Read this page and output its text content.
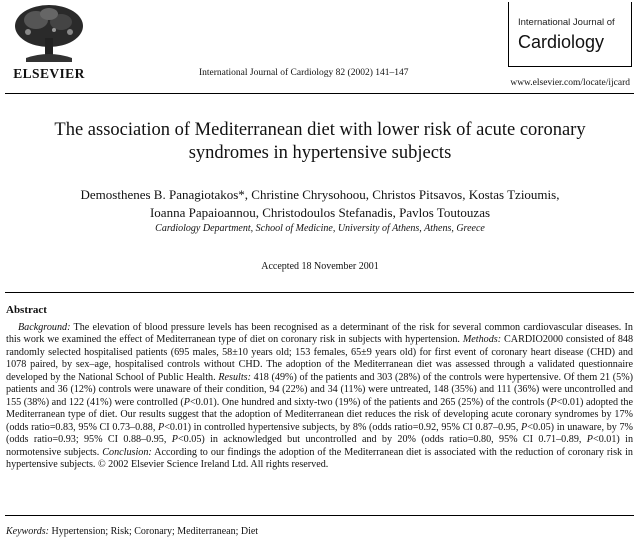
ELSEVIER	International Journal of Cardiology 82 (2002) 141–147
International Journal of
Cardiology
www.elsevier.com/locate/ijcard
The association of Mediterranean diet with lower risk of acute coronary
syndromes in hypertensive subjects
Demosthenes B. Panagiotakos*, Christine Chrysohoou, Christos Pitsavos, Kostas Tzioumis,
Ioanna Papaioannou, Christodoulos Stefanadis, Pavlos Toutouzas
Cardiology Department, School of Medicine, University of Athens, Athens, Greece
Accepted 18 November 2001
Abstract

Background: The elevation of blood pressure levels has been recognised as a determinant of the risk for several common cardiovascular diseases. In this work we examined the effect of Mediterranean type of diet on coronary risk in subjects with hypertension. Methods: CARDIO2000 consisted of 848 randomly selected hospitalised patients (695 males, 58±10 years old; 153 females, 65±9 years old) for first event of coronary heart disease (CHD) and 1078 paired, by sex–age, hospitalised controls without CHD. The adoption of the Mediterranean diet was assessed through a validated questionnaire developed by the National School of Public Health. Results: 418 (49%) of the patients and 303 (28%) of the controls were hypertensive. Of them 21 (5%) patients and 36 (12%) controls were unaware of their condition, 94 (22%) and 34 (11%) were untreated, 148 (35%) and 111 (36%) were uncontrolled and 155 (38%) and 122 (41%) were controlled (P<0.01). One hundred and sixty-two (19%) of the patients and 265 (25%) of the controls (P<0.01) adopted the Mediterranean type of diet. Our results suggest that the adoption of Mediterranean diet reduces the risk of developing acute coronary syndromes by 17% (odds ratio=0.83, 95% CI 0.73–0.88, P<0.01) in controlled hypertensive subjects, by 8% (odds ratio=0.92, 95% CI 0.87–0.95, P<0.05) in unaware, by 7% (odds ratio=0.93; 95% CI 0.88–0.95, P<0.05) in acknowledged but uncontrolled and by 20% (odds ratio=0.80, 95% CI 0.71–0.89, P<0.01) in normotensive subjects. Conclusion: According to our findings the adoption of the Mediterranean diet is associated with the reduction of coronary risk in hypertensive subjects. © 2002 Elsevier Science Ireland Ltd. All rights reserved.

Keywords: Hypertension; Risk; Coronary; Mediterranean; Diet
